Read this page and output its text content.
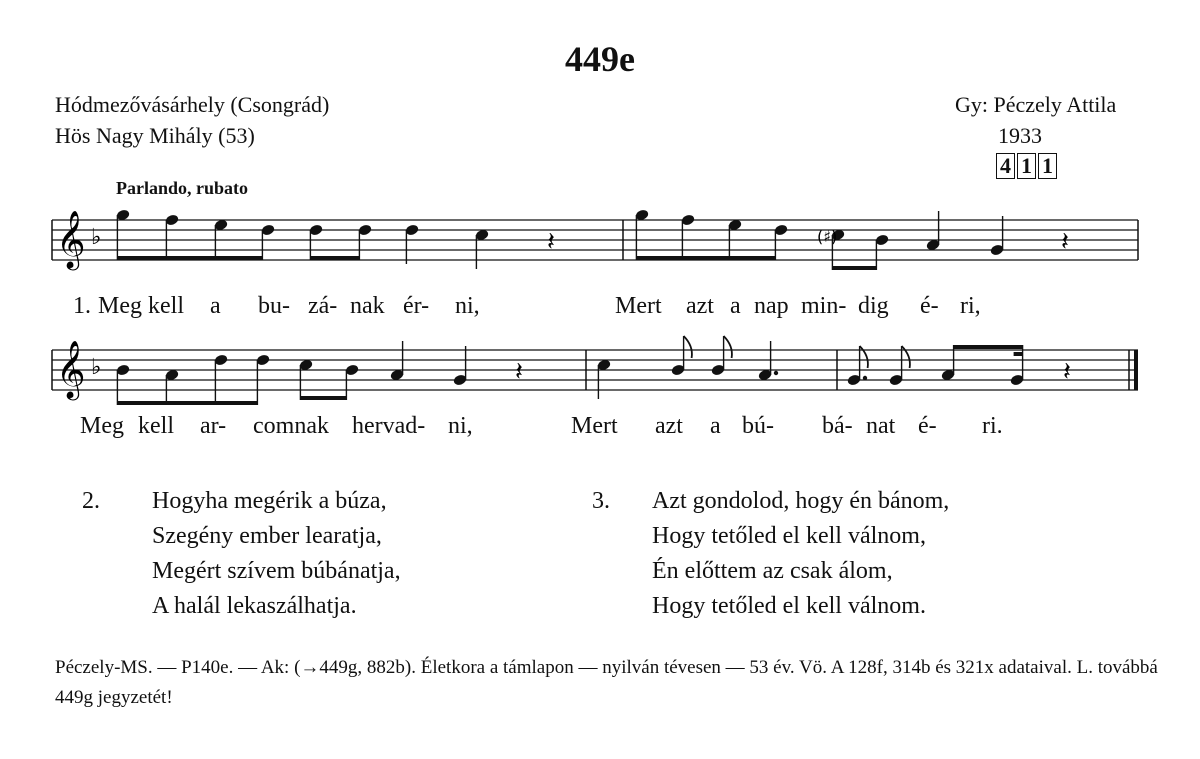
449e
Hódmezővásárhely (Csongrád)
Hös Nagy Mihály (53)
Gy: Péczely Attila
1933
4 1 1
Parlando, rubato
𝄞 ♭	𝄽	(♯)	𝄽
1. Meg kell a bu- zá- nak ér- ni,	Mert azt a nap min- dig é- ri,
𝄞 ♭	𝄽	𝄽
Meg kell ar- comnak hervad- ni,	Mert azt a bú- bá- nat é- ri.
2. Hogyha megérik a búza,
Szegény ember learatja,
Megért szívem búbánatja,
A halál lekaszálhatja.
3. Azt gondolod, hogy én bánom,
Hogy tetőled el kell válnom,
Én előttem az csak álom,
Hogy tetőled el kell válnom.
Péczely-MS. — P140e. — Ak: (→449g, 882b). Életkora a támlapon — nyilván tévesen — 53 év. Vö. A 128f, 314b és 321x adataival. L. továbbá 449g jegyzetét!
